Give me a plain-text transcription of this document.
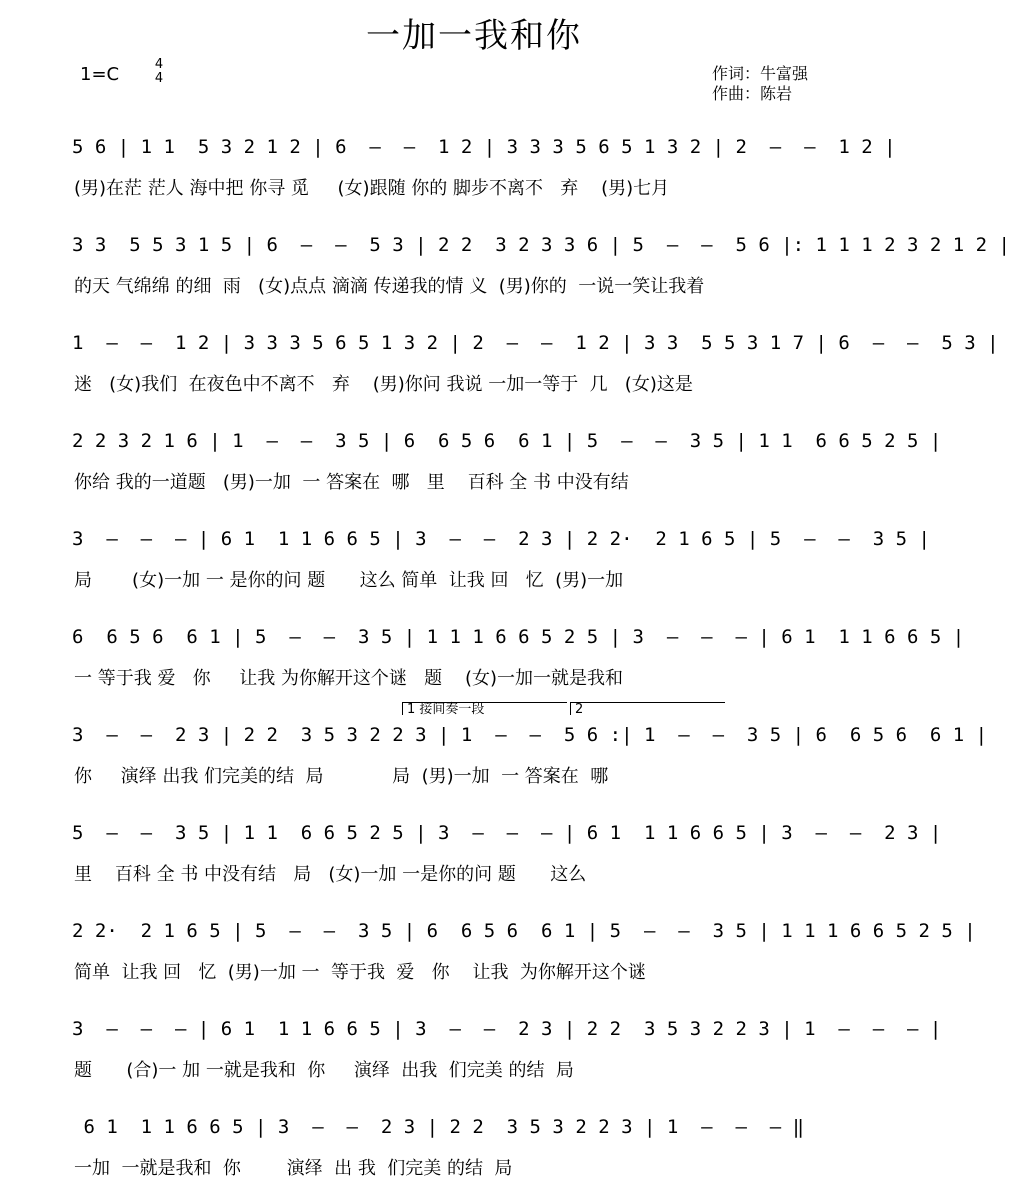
一加一我和你
1=C	4
4	作词：牛富强
作曲：陈岩
5 6 | 1 1  5 3 2 1 2 | 6  —  —  1 2 | 3 3 3 5 6 5 1 3 2 | 2  —  —  1 2 |
(男)在茫 茫人 海中把 你寻 觅     (女)跟随 你的 脚步不离不   弃    (男)七月
3 3  5 5 3 1 5 | 6  —  —  5 3 | 2 2  3 2 3 3 6 | 5  —  —  5 6 |: 1 1 1 2 3 2 1 2 |
的天 气绵绵 的细  雨   (女)点点 滴滴 传递我的情 义  (男)你的  一说一笑让我着
1  —  —  1 2 | 3 3 3 5 6 5 1 3 2 | 2  —  —  1 2 | 3 3  5 5 3 1 7 | 6  —  —  5 3 |
迷   (女)我们  在夜色中不离不   弃    (男)你问 我说 一加一等于  几   (女)这是
2 2 3 2 1 6 | 1  —  —  3 5 | 6  6 5 6  6 1 | 5  —  —  3 5 | 1 1  6 6 5 2 5 |
你给 我的一道题   (男)一加  一 答案在  哪   里    百科 全 书 中没有结
3  —  —  — | 6 1  1 1 6 6 5 | 3  —  —  2 3 | 2 2·  2 1 6 5 | 5  —  —  3 5 |
局       (女)一加 一 是你的问 题      这么 简单  让我 回   忆  (男)一加
6  6 5 6  6 1 | 5  —  —  3 5 | 1 1 1 6 6 5 2 5 | 3  —  —  — | 6 1  1 1 6 6 5 |
一 等于我 爱   你     让我 为你解开这个谜   题    (女)一加一就是我和
1 接间奏一段	2
3  —  —  2 3 | 2 2  3 5 3 2 2 3 | 1  —  —  5 6 :| 1  —  —  3 5 | 6  6 5 6  6 1 |
你     演绎 出我 们完美的结  局            局  (男)一加  一 答案在  哪
5  —  —  3 5 | 1 1  6 6 5 2 5 | 3  —  —  — | 6 1  1 1 6 6 5 | 3  —  —  2 3 |
里    百科 全 书 中没有结   局   (女)一加 一是你的问 题      这么
2 2·  2 1 6 5 | 5  —  —  3 5 | 6  6 5 6  6 1 | 5  —  —  3 5 | 1 1 1 6 6 5 2 5 |
简单  让我 回   忆  (男)一加 一  等于我  爱   你    让我  为你解开这个谜
3  —  —  — | 6 1  1 1 6 6 5 | 3  —  —  2 3 | 2 2  3 5 3 2 2 3 | 1  —  —  — |
题      (合)一 加 一就是我和  你     演绎  出我  们完美 的结  局
6 1  1 1 6 6 5 | 3  —  —  2 3 | 2 2  3 5 3 2 2 3 | 1  —  —  — ‖
一加  一就是我和  你        演绎  出 我  们完美 的结  局
